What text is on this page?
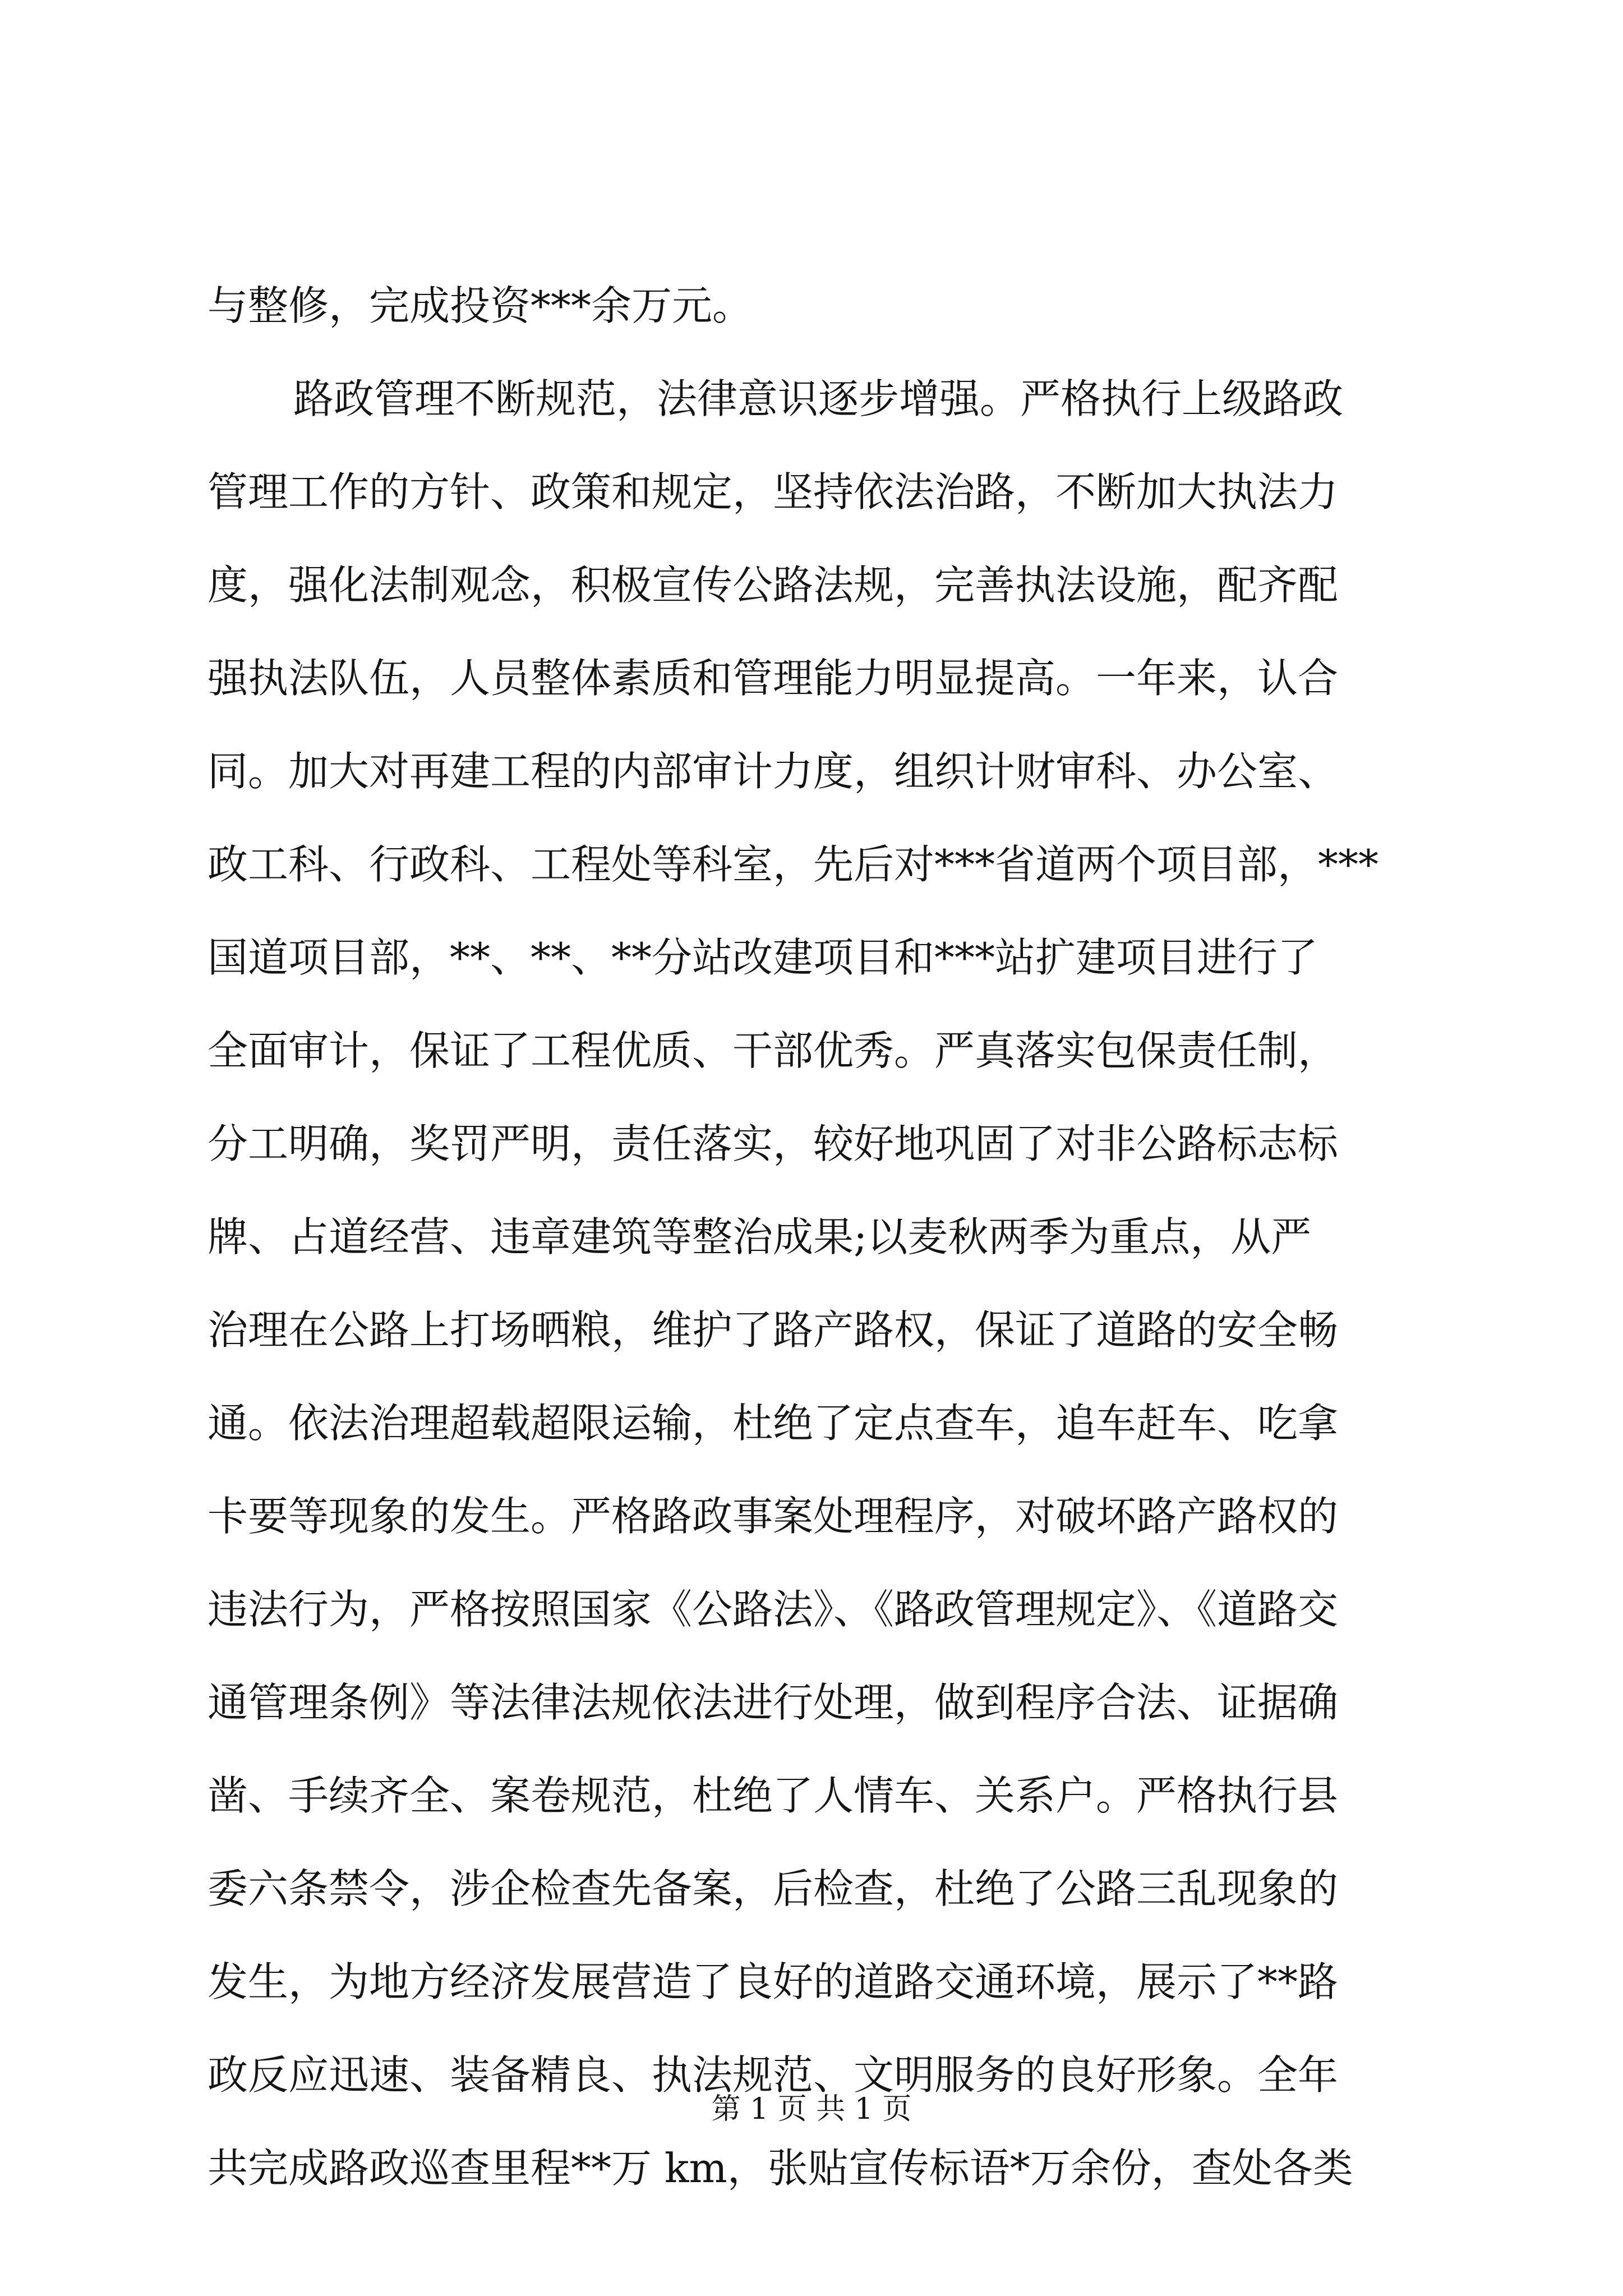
与整修，完成投资***余万元。
路政管理不断规范，法律意识逐步增强。严格执行上级路政
管理工作的方针、政策和规定，坚持依法治路，不断加大执法力
度，强化法制观念，积极宣传公路法规，完善执法设施，配齐配
强执法队伍，人员整体素质和管理能力明显提高。一年来，认合
同。加大对再建工程的内部审计力度，组织计财审科、办公室、
政工科、行政科、工程处等科室，先后对***省道两个项目部，***
国道项目部，**、**、**分站改建项目和***站扩建项目进行了
全面审计，保证了工程优质、干部优秀。严真落实包保责任制，
分工明确，奖罚严明，责任落实，较好地巩固了对非公路标志标
牌、占道经营、违章建筑等整治成果;以麦秋两季为重点，从严
治理在公路上打场晒粮，维护了路产路权，保证了道路的安全畅
通。依法治理超载超限运输，杜绝了定点查车，追车赶车、吃拿
卡要等现象的发生。严格路政事案处理程序，对破坏路产路权的
违法行为，严格按照国家《公路法》、《路政管理规定》、《道路交
通管理条例》等法律法规依法进行处理，做到程序合法、证据确
凿、手续齐全、案卷规范，杜绝了人情车、关系户。严格执行县
委六条禁令，涉企检查先备案，后检查，杜绝了公路三乱现象的
发生，为地方经济发展营造了良好的道路交通环境，展示了**路
政反应迅速、装备精良、执法规范、文明服务的良好形象。全年
共完成路政巡查里程**万 km，张贴宣传标语*万余份，查处各类
第 1 页 共 1 页
